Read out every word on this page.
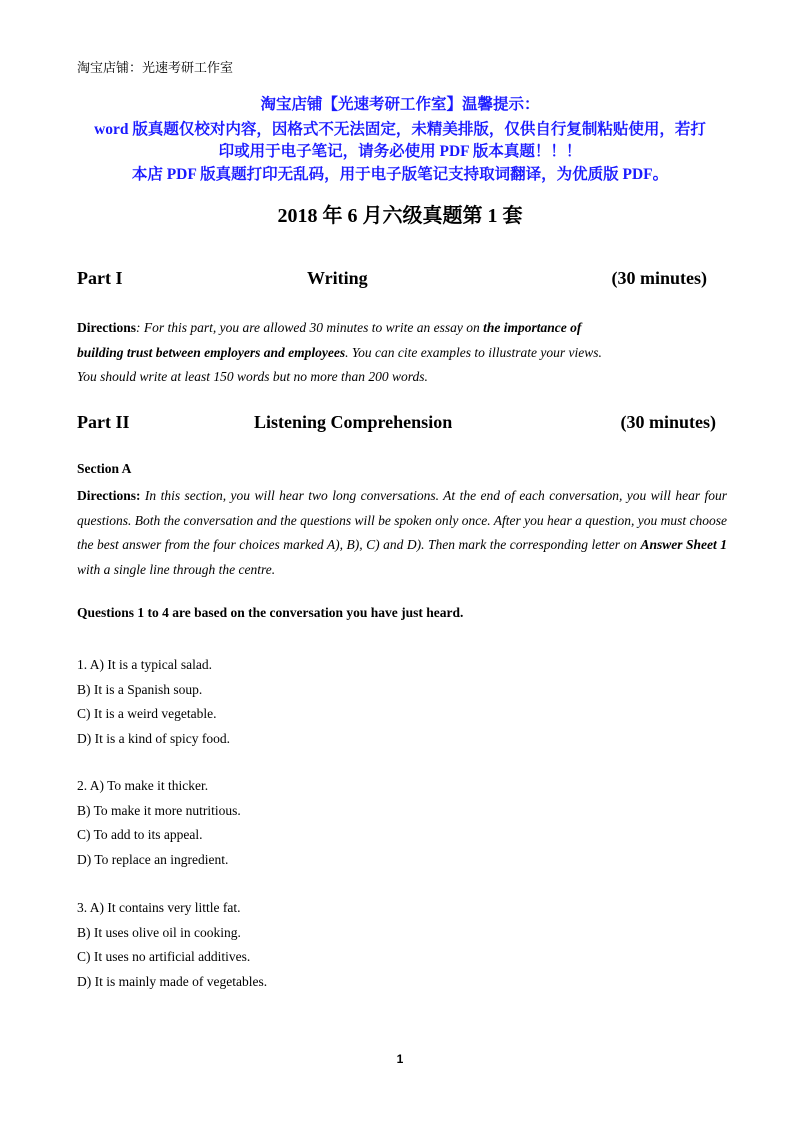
淘宝店铺：光速考研工作室
淘宝店铺【光速考研工作室】温馨提示：
word 版真题仅校对内容，因格式不无法固定，未精美排版，仅供自行复制粘贴使用，若打
印或用于电子笔记，请务必使用 PDF 版本真题！！！
本店 PDF 版真题打印无乱码，用于电子版笔记支持取词翻译，为优质版 PDF。
2018 年 6 月六级真题第 1 套
Part I	Writing	(30 minutes)
Directions: For this part, you are allowed 30 minutes to write an essay on the importance of building trust between employers and employees. You can cite examples to illustrate your views. You should write at least 150 words but no more than 200 words.
Part II	Listening Comprehension	(30 minutes)
Section A
Directions: In this section, you will hear two long conversations. At the end of each conversation, you will hear four questions. Both the conversation and the questions will be spoken only once. After you hear a question, you must choose the best answer from the four choices marked A), B), C) and D). Then mark the corresponding letter on Answer Sheet 1 with a single line through the centre.
Questions 1 to 4 are based on the conversation you have just heard.
1. A) It is a typical salad.
B) It is a Spanish soup.
C) It is a weird vegetable.
D) It is a kind of spicy food.
2. A) To make it thicker.
B) To make it more nutritious.
C) To add to its appeal.
D) To replace an ingredient.
3. A) It contains very little fat.
B) It uses olive oil in cooking.
C) It uses no artificial additives.
D) It is mainly made of vegetables.
1
